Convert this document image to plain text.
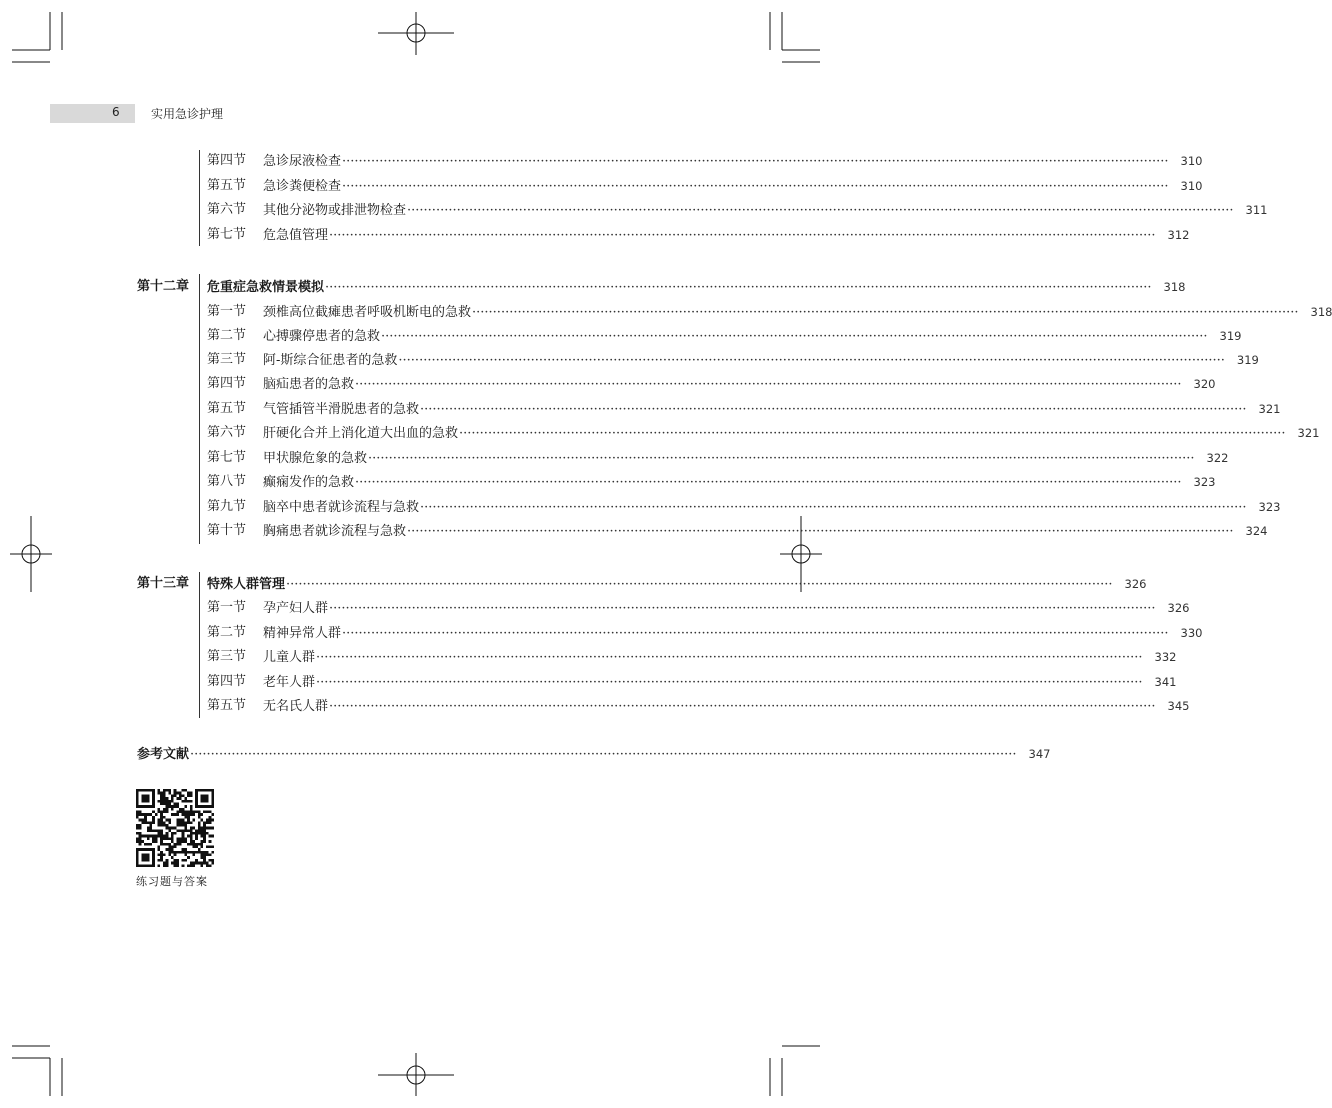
6	实用急诊护理
第四节 急诊尿液检查 ········································································································································································································	310
第五节 急诊粪便检查 ········································································································································································································	310
第六节 其他分泌物或排泄物检查 ········································································································································································································	311
第七节 危急值管理 ········································································································································································································	312
第十二章 危重症急救情景模拟 ········································································································································································································	318
第一节 颈椎高位截瘫患者呼吸机断电的急救 ········································································································································································································	318
第二节 心搏骤停患者的急救 ········································································································································································································	319
第三节 阿-斯综合征患者的急救 ········································································································································································································	319
第四节 脑疝患者的急救 ········································································································································································································	320
第五节 气管插管半滑脱患者的急救 ········································································································································································································	321
第六节 肝硬化合并上消化道大出血的急救 ········································································································································································································	321
第七节 甲状腺危象的急救 ········································································································································································································	322
第八节 癫痫发作的急救 ········································································································································································································	323
第九节 脑卒中患者就诊流程与急救 ········································································································································································································	323
第十节 胸痛患者就诊流程与急救 ········································································································································································································	324
第十三章 特殊人群管理 ········································································································································································································	326
第一节 孕产妇人群 ········································································································································································································	326
第二节 精神异常人群 ········································································································································································································	330
第三节 儿童人群 ········································································································································································································	332
第四节 老年人群 ········································································································································································································	341
第五节 无名氏人群 ········································································································································································································	345
参考文献 ········································································································································································································	347
练习题与答案
